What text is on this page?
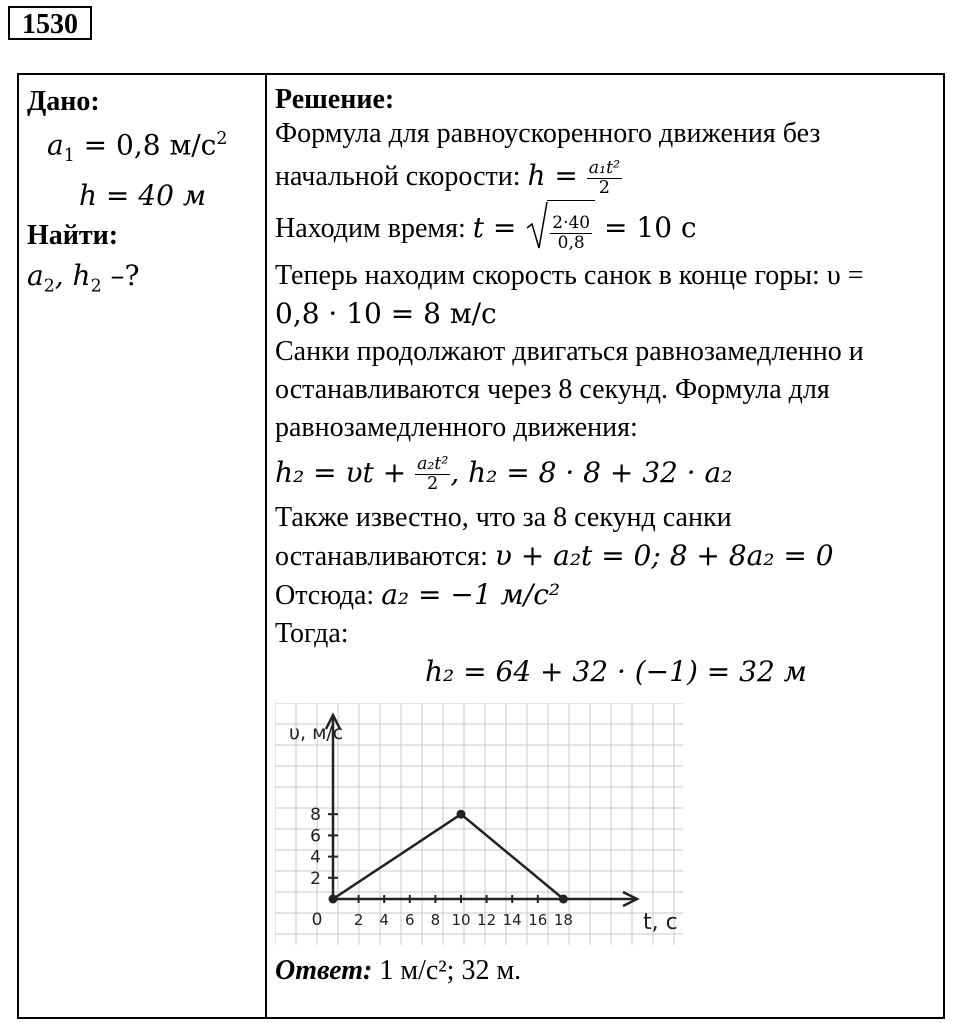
1530
Дано:
$a_1 = 0,8$ $м/с^2$
h = 40 м
Найти:
$a_2$, $h_2$ –?
Решение:
Формула для равноускоренного движения без
начальной скорости: $h = \frac{\text{a₁t²}}{2}$
Находим время: $t = \frac{2\cdot 40}{0,8} = 10$ с
Теперь находим скорость санок в конце горы: υ =
0,8 · 10 = 8 м/с
Санки продолжают двигаться равнозамедленно и
останавливаются через 8 секунд. Формула для
равнозамедленного движения:
$h_2 = \upsilon t + \frac{\text{a₂t²}}{2}$ , h₂ = 8 · 8 + 32 · a₂
Также известно, что за 8 секунд санки
останавливаются: υ + a₂t = 0; 8 + 8a₂ = 0
Отсюда: a₂ = −1 м/с²
Тогда:
h₂ = 64 + 32 · (−1) = 32 м
2 4 6 8 10 12 14 16 18
2
4
6
8
0	t, c
υ, м/с
Ответ: 1 м/с²; 32 м.
